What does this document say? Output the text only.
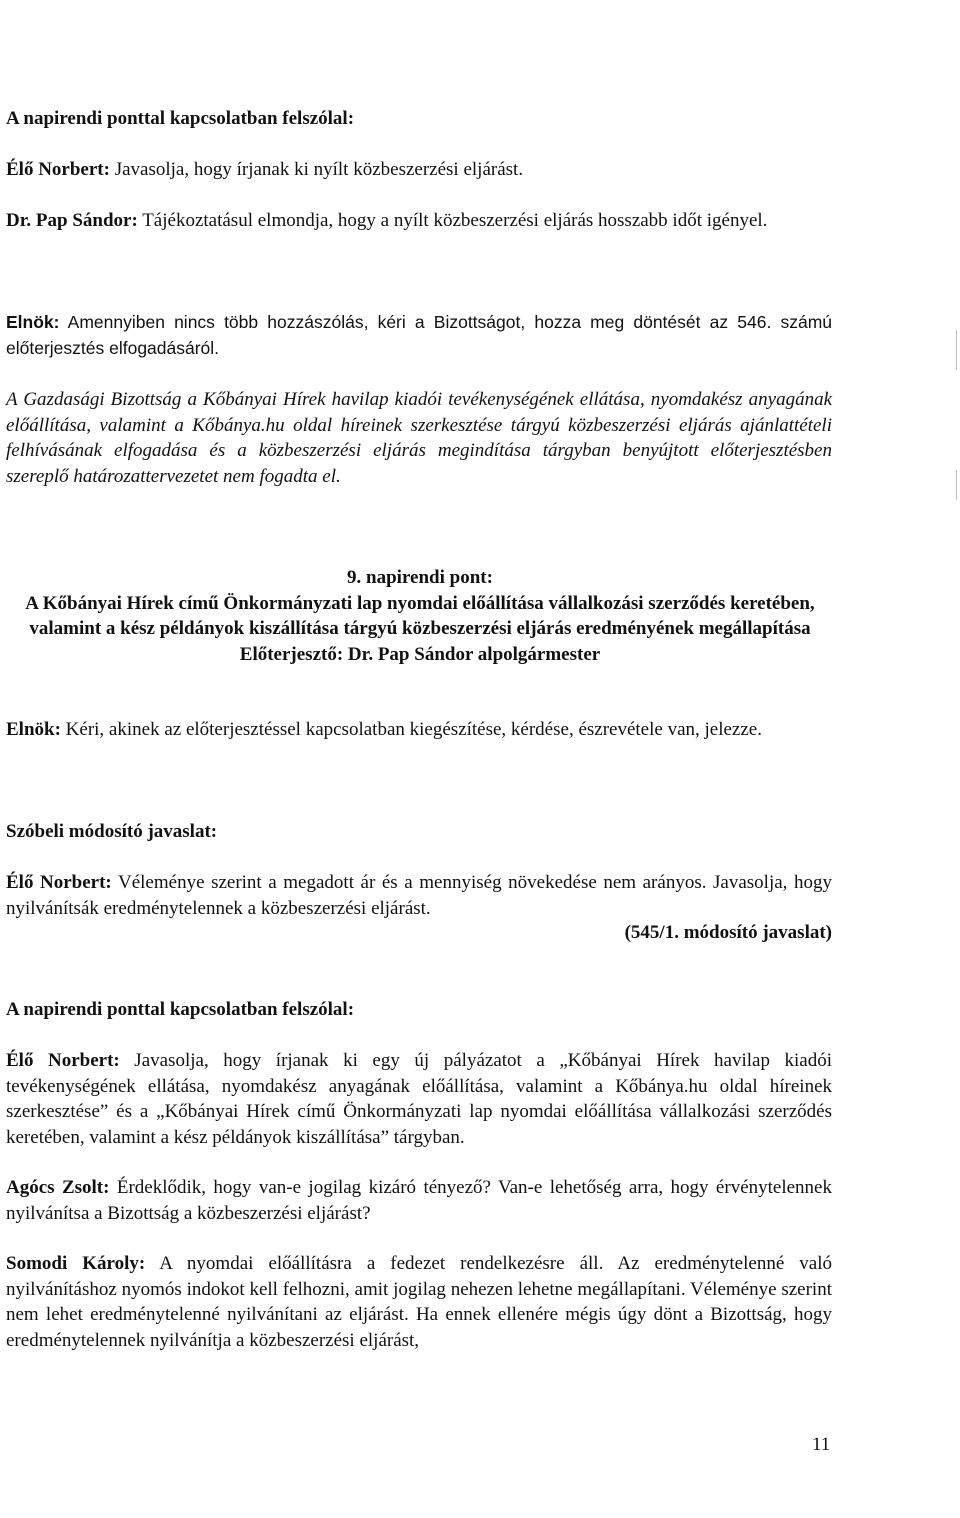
A napirendi ponttal kapcsolatban felszólal:

Élő Norbert: Javasolja, hogy írjanak ki nyílt közbeszerzési eljárást.

Dr. Pap Sándor: Tájékoztatásul elmondja, hogy a nyílt közbeszerzési eljárás hosszabb időt igényel.

Elnök: Amennyiben nincs több hozzászólás, kéri a Bizottságot, hozza meg döntését az 546. számú előterjesztés elfogadásáról.

A Gazdasági Bizottság a Kőbányai Hírek havilap kiadói tevékenységének ellátása, nyomdakész anyagának előállítása, valamint a Kőbánya.hu oldal híreinek szerkesztése tárgyú közbeszerzési eljárás ajánlattételi felhívásának elfogadása és a közbeszerzési eljárás megindítása tárgyban benyújtott előterjesztésben szereplő határozattervezetet nem fogadta el.

9. napirendi pont:
A Kőbányai Hírek című Önkormányzati lap nyomdai előállítása vállalkozási szerződés keretében, valamint a kész példányok kiszállítása tárgyú közbeszerzési eljárás eredményének megállapítása
Előterjesztő: Dr. Pap Sándor alpolgármester

Elnök: Kéri, akinek az előterjesztéssel kapcsolatban kiegészítése, kérdése, észrevétele van, jelezze.

Szóbeli módosító javaslat:

Élő Norbert: Véleménye szerint a megadott ár és a mennyiség növekedése nem arányos. Javasolja, hogy nyilvánítsák eredménytelennek a közbeszerzési eljárást.

(545/1. módosító javaslat)

A napirendi ponttal kapcsolatban felszólal:

Élő Norbert: Javasolja, hogy írjanak ki egy új pályázatot a „Kőbányai Hírek havilap kiadói tevékenységének ellátása, nyomdakész anyagának előállítása, valamint a Kőbánya.hu oldal híreinek szerkesztése” és a „Kőbányai Hírek című Önkormányzati lap nyomdai előállítása vállalkozási szerződés keretében, valamint a kész példányok kiszállítása” tárgyban.

Agócs Zsolt: Érdeklődik, hogy van-e jogilag kizáró tényező? Van-e lehetőség arra, hogy érvénytelennek nyilvánítsa a Bizottság a közbeszerzési eljárást?

Somodi Károly: A nyomdai előállításra a fedezet rendelkezésre áll. Az eredménytelenné való nyilvánításhoz nyomós indokot kell felhozni, amit jogilag nehezen lehetne megállapítani. Véleménye szerint nem lehet eredménytelenné nyilvánítani az eljárást. Ha ennek ellenére mégis úgy dönt a Bizottság, hogy eredménytelennek nyilvánítja a közbeszerzési eljárást,

11
